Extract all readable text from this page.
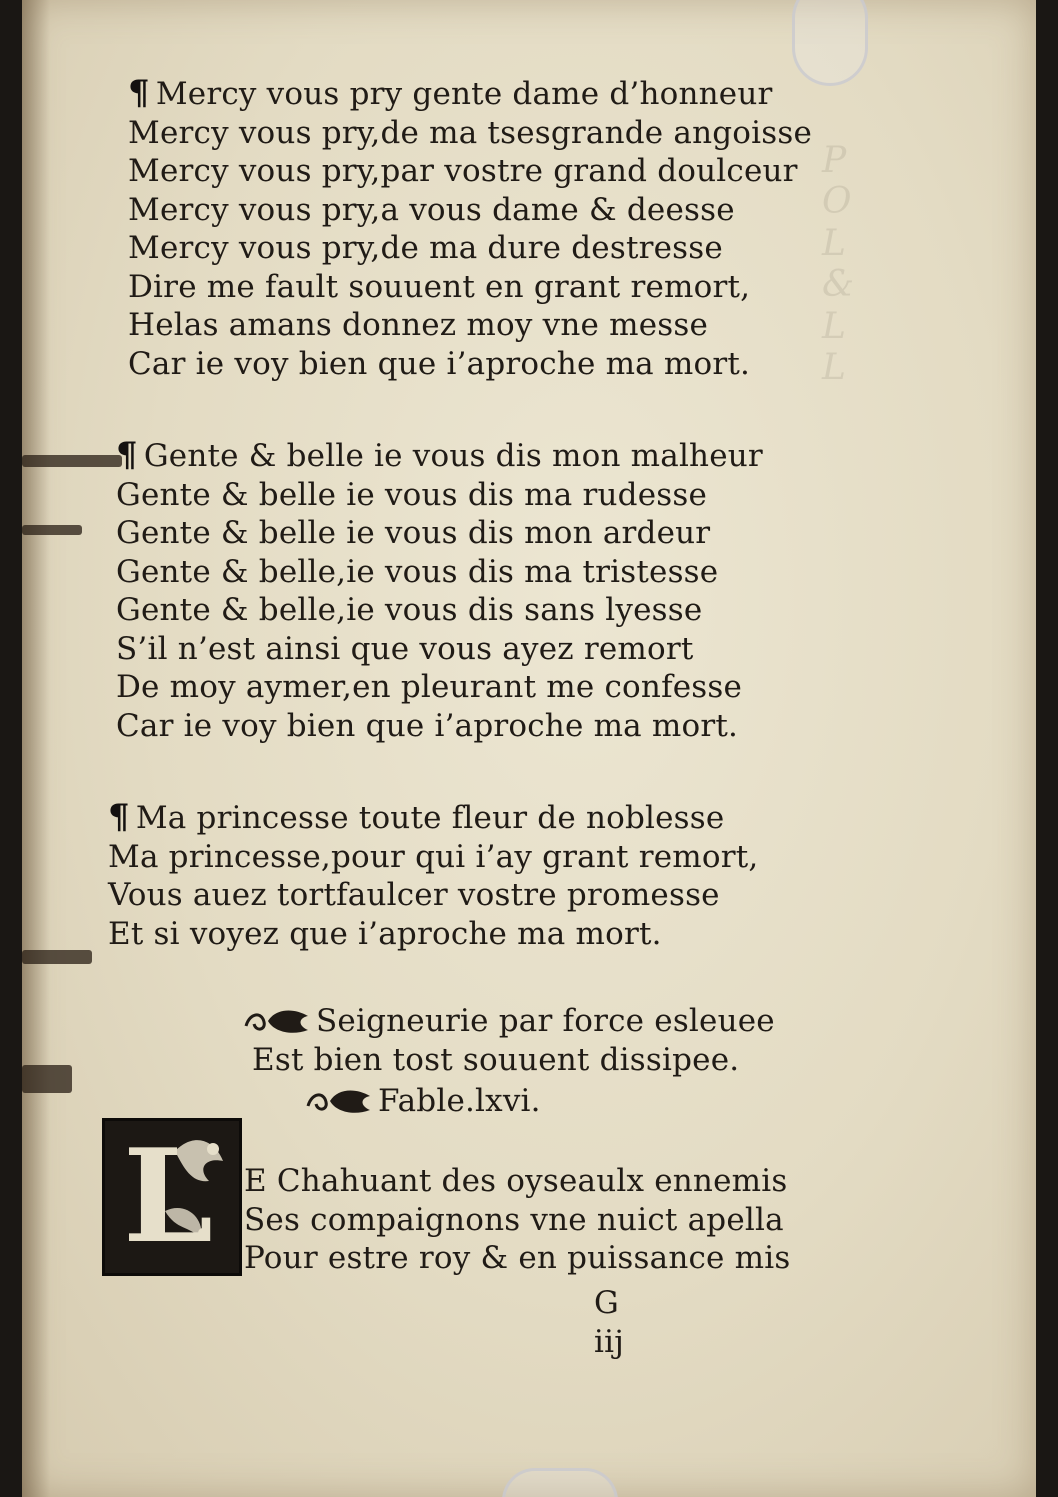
P
O
L
&
L
L
¶ Mercy vous pry gente dame d’honneur
Mercy vous pry,de ma tsesgrande angoisse
Mercy vous pry,par vostre grand doulceur
Mercy vous pry,a vous dame & deesse
Mercy vous pry,de ma dure destresse
Dire me fault souuent en grant remort,
Helas amans donnez moy vne messe
Car ie voy bien que i’aproche ma mort.
¶ Gente & belle ie vous dis mon malheur
Gente & belle ie vous dis ma rudesse
Gente & belle ie vous dis mon ardeur
Gente & belle,ie vous dis ma tristesse
Gente & belle,ie vous dis sans lyesse
S’il n’est ainsi que vous ayez remort
De moy aymer,en pleurant me confesse
Car ie voy bien que i’aproche ma mort.
¶ Ma princesse toute fleur de noblesse
Ma princesse,pour qui i’ay grant remort,
Vous auez tortfaulcer vostre promesse
Et si voyez que i’aproche ma mort.
Seigneurie par force esleuee
Est bien tost souuent dissipee.
Fable.lxvi.
E Chahuant des oyseaulx ennemis
Ses compaignons vne nuict apella
Pour estre roy & en puissance mis
G iij
L
